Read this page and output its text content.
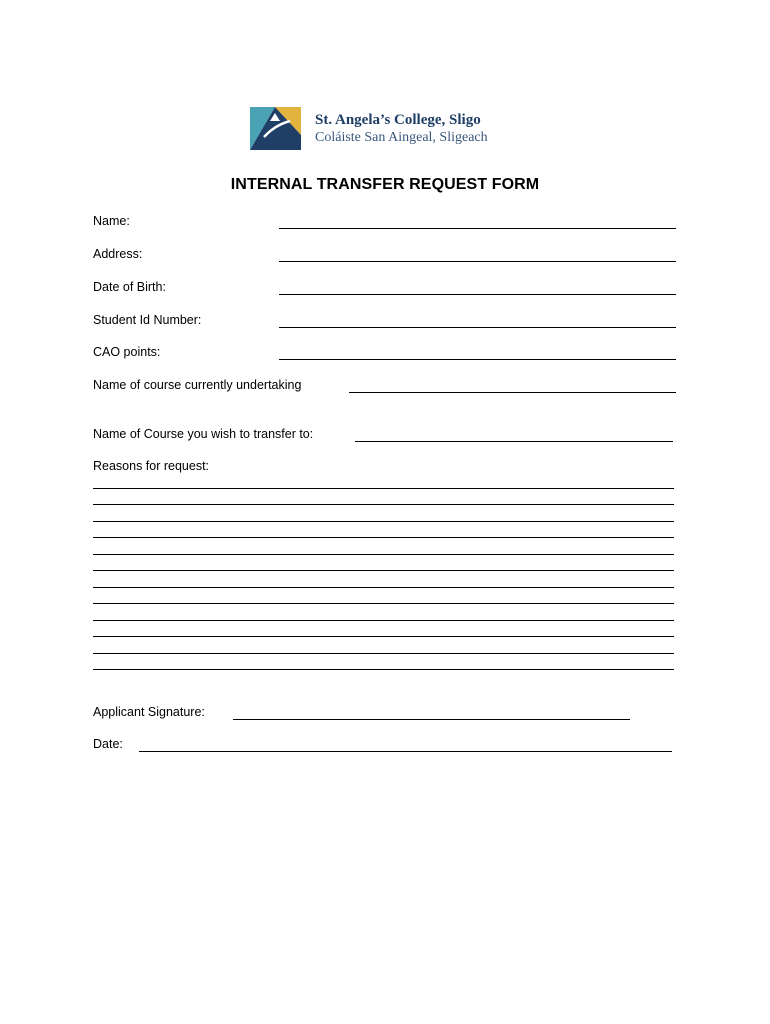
St. Angela’s College, Sligo
Coláiste San Aingeal, Sligeach
INTERNAL TRANSFER REQUEST FORM
Name:
Address:
Date of Birth:
Student Id Number:
CAO points:
Name of course currently undertaking
Name of Course you wish to transfer to:
Reasons for request:
Applicant Signature:
Date:
